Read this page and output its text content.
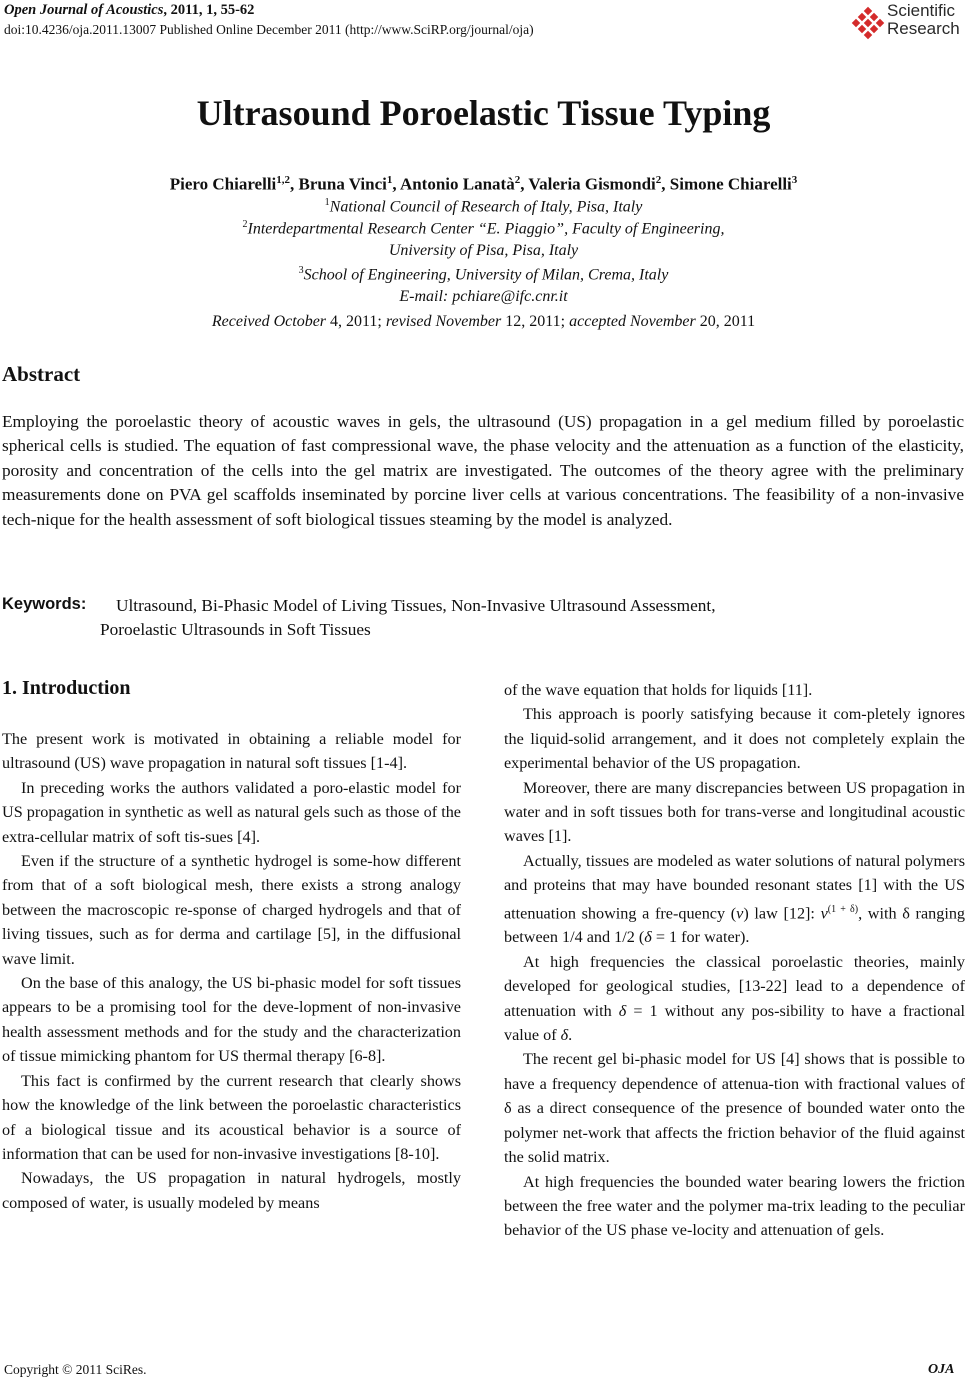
Open Journal of Acoustics, 2011, 1, 55-62
doi:10.4236/oja.2011.13007 Published Online December 2011 (http://www.SciRP.org/journal/oja)
Scientific
Research
Ultrasound Poroelastic Tissue Typing
Piero Chiarelli$^{1,2}$, Bruna Vinci$^1$, Antonio Lanatà$^2$, Valeria Gismondi$^2$, Simone Chiarelli$^3$
$^1$National Council of Research of Italy, Pisa, Italy
$^2$Interdepartmental Research Center “E. Piaggio”, Faculty of Engineering,
University of Pisa, Pisa, Italy
$^3$School of Engineering, University of Milan, Crema, Italy
E-mail: pchiare@ifc.cnr.it
Received October 4, 2011; revised November 12, 2011; accepted November 20, 2011
Abstract
Employing the poroelastic theory of acoustic waves in gels, the ultrasound (US) propagation in a gel medium filled by poroelastic spherical cells is studied. The equation of fast compressional wave, the phase velocity and the attenuation as a function of the elasticity, porosity and concentration of the cells into the gel matrix are investigated. The outcomes of the theory agree with the preliminary measurements done on PVA gel scaffolds inseminated by porcine liver cells at various concentrations. The feasibility of a non-invasive tech-nique for the health assessment of soft biological tissues steaming by the model is analyzed.
Keywords: Ultrasound, Bi-Phasic Model of Living Tissues, Non-Invasive Ultrasound Assessment,
Poroelastic Ultrasounds in Soft Tissues
1. Introduction

The present work is motivated in obtaining a reliable model for ultrasound (US) wave propagation in natural soft tissues [1-4].

In preceding works the authors validated a poro-elastic model for US propagation in synthetic as well as natural gels such as those of the extra-cellular matrix of soft tis-sues [4].

Even if the structure of a synthetic hydrogel is some-how different from that of a soft biological mesh, there exists a strong analogy between the macroscopic re-sponse of charged hydrogels and that of living tissues, such as for derma and cartilage [5], in the diffusional wave limit.

On the base of this analogy, the US bi-phasic model for soft tissues appears to be a promising tool for the deve-lopment of non-invasive health assessment methods and for the study and the characterization of tissue mimicking phantom for US thermal therapy [6-8].

This fact is confirmed by the current research that clearly shows how the knowledge of the link between the poroelastic characteristics of a biological tissue and its acoustical behavior is a source of information that can be used for non-invasive investigations [8-10].

Nowadays, the US propagation in natural hydrogels, mostly composed of water, is usually modeled by means

of the wave equation that holds for liquids [11].

This approach is poorly satisfying because it com-pletely ignores the liquid-solid arrangement, and it does not completely explain the experimental behavior of the US propagation.

Moreover, there are many discrepancies between US propagation in water and in soft tissues both for trans-verse and longitudinal acoustic waves [1].

Actually, tissues are modeled as water solutions of natural polymers and proteins that may have bounded resonant states [1] with the US attenuation showing a fre-quency (v) law [12]: $v^{(1 + \delta)}$, with δ ranging between 1/4 and 1/2 (δ = 1 for water).

At high frequencies the classical poroelastic theories, mainly developed for geological studies, [13-22] lead to a dependence of attenuation with δ = 1 without any pos-sibility to have a fractional value of δ.

The recent gel bi-phasic model for US [4] shows that is possible to have a frequency dependence of attenua-tion with fractional values of δ as a direct consequence of the presence of bounded water onto the polymer net-work that affects the friction behavior of the fluid against the solid matrix.

At high frequencies the bounded water bearing lowers the friction between the free water and the polymer ma-trix leading to the peculiar behavior of the US phase ve-locity and attenuation of gels.

Copyright © 2011 SciRes.	OJA
